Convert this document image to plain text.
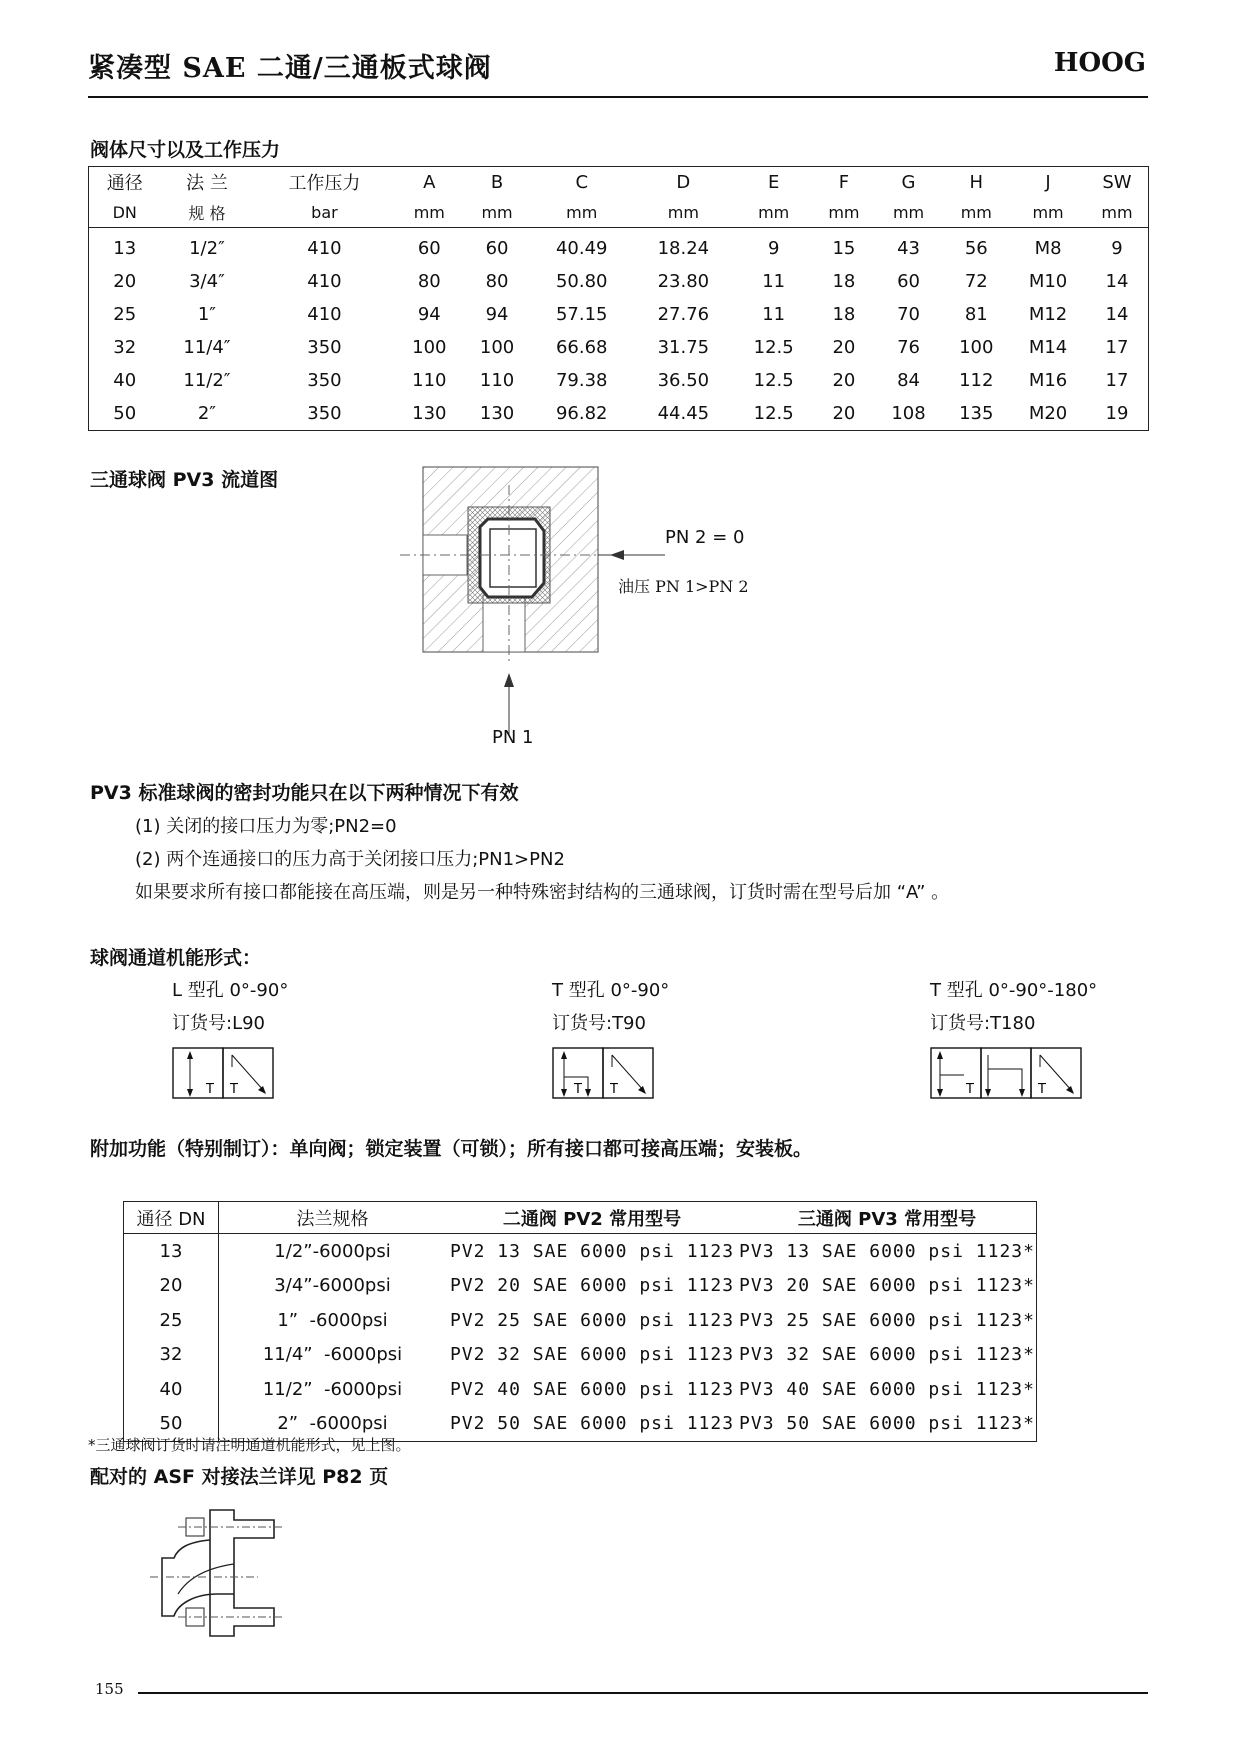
紧凑型 SAE 二通/三通板式球阀	HOOG
阀体尺寸以及工作压力
通径	法 兰	工作压力	A	B	C	D	E	F	G	H	J	SW
DN	规 格	bar	mm	mm	mm	mm	mm	mm	mm	mm	mm	mm
13	1/2″	410	60	60	40.49	18.24	9	15	43	56	M8	9
20	3/4″	410	80	80	50.80	23.80	11	18	60	72	M10	14
25	1″	410	94	94	57.15	27.76	11	18	70	81	M12	14
32	11/4″	350	100	100	66.68	31.75	12.5	20	76	100	M14	17
40	11/2″	350	110	110	79.38	36.50	12.5	20	84	112	M16	17
50	2″	350	130	130	96.82	44.45	12.5	20	108	135	M20	19
三通球阀 PV3 流道图
PN 2 = 0
油压 PN 1>PN 2
PN 1
PV3 标准球阀的密封功能只在以下两种情况下有效
(1) 关闭的接口压力为零;PN2=0
(2) 两个连通接口的压力高于关闭接口压力;PN1>PN2
如果要求所有接口都能接在高压端，则是另一种特殊密封结构的三通球阀，订货时需在型号后加 “A” 。
球阀通道机能形式：
L 型孔 0°-90°
订货号:L90
T 型孔 0°-90°
订货号:T90
T 型孔 0°-90°-180°
订货号:T180
T T	T T	T	T
附加功能（特别制订）：单向阀；锁定装置（可锁）；所有接口都可接高压端；安装板。
通径 DN	法兰规格	二通阀 PV2 常用型号	三通阀 PV3 常用型号
13	1/2”-6000psi	PV2 13 SAE 6000 psi 1123	PV3 13 SAE 6000 psi 1123*
20	3/4”-6000psi	PV2 20 SAE 6000 psi 1123	PV3 20 SAE 6000 psi 1123*
25	1”  -6000psi	PV2 25 SAE 6000 psi 1123	PV3 25 SAE 6000 psi 1123*
32	11/4”  -6000psi	PV2 32 SAE 6000 psi 1123	PV3 32 SAE 6000 psi 1123*
40	11/2”  -6000psi	PV2 40 SAE 6000 psi 1123	PV3 40 SAE 6000 psi 1123*
50	2”  -6000psi	PV2 50 SAE 6000 psi 1123	PV3 50 SAE 6000 psi 1123*
*三通球阀订货时请注明通道机能形式，见上图。
配对的 ASF 对接法兰详见 P82 页
155
